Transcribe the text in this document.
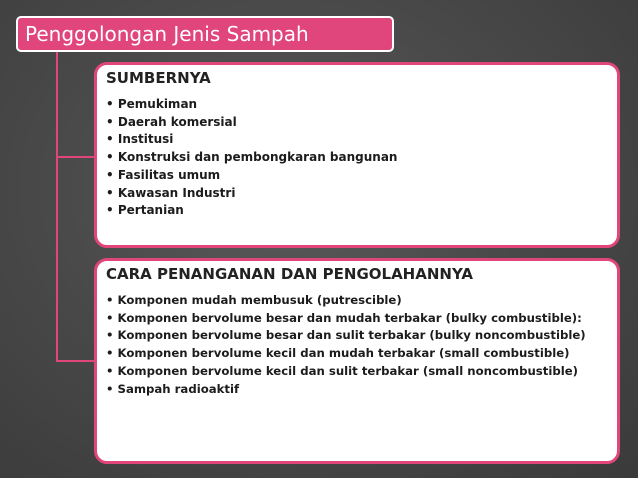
Penggolongan Jenis Sampah
SUMBERNYA
• Pemukiman
• Daerah komersial
• Institusi
• Konstruksi dan pembongkaran bangunan
• Fasilitas umum
• Kawasan Industri
• Pertanian
CARA PENANGANAN DAN PENGOLAHANNYA
• Komponen mudah membusuk (putrescible)
• Komponen bervolume besar dan mudah terbakar (bulky combustible):
• Komponen bervolume besar dan sulit terbakar (bulky noncombustible)
• Komponen bervolume kecil dan mudah terbakar (small combustible)
• Komponen bervolume kecil dan sulit terbakar (small noncombustible)
• Sampah radioaktif
